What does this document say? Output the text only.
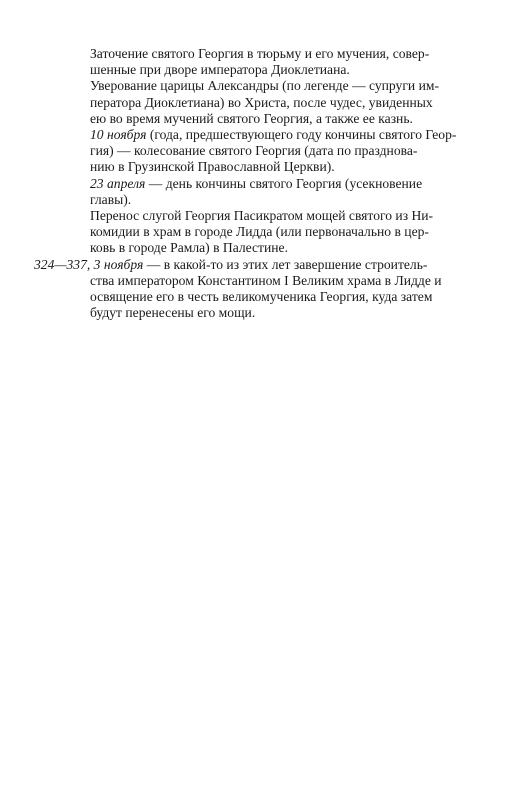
Заточение святого Георгия в тюрьму и его мучения, совер-
шенные при дворе императора Диоклетиана.

Уверование царицы Александры (по легенде — супруги им-
ператора Диоклетиана) во Христа, после чудес, увиденных
ею во время мучений святого Георгия, а также ее казнь.

10 ноября (года, предшествующего году кончины святого Геор-
гия) — колесование святого Георгия (дата по празднова-
нию в Грузинской Православной Церкви).

23 апреля — день кончины святого Георгия (усекновение
главы).

Перенос слугой Георгия Пасикратом мощей святого из Ни-
комидии в храм в городе Лидда (или первоначально в цер-
ковь в городе Рамла) в Палестине.

324—337, 3 ноября — в какой-то из этих лет завершение строитель-
ства императором Константином I Великим храма в Лидде и
освящение его в честь великомученика Георгия, куда затем
будут перенесены его мощи.
